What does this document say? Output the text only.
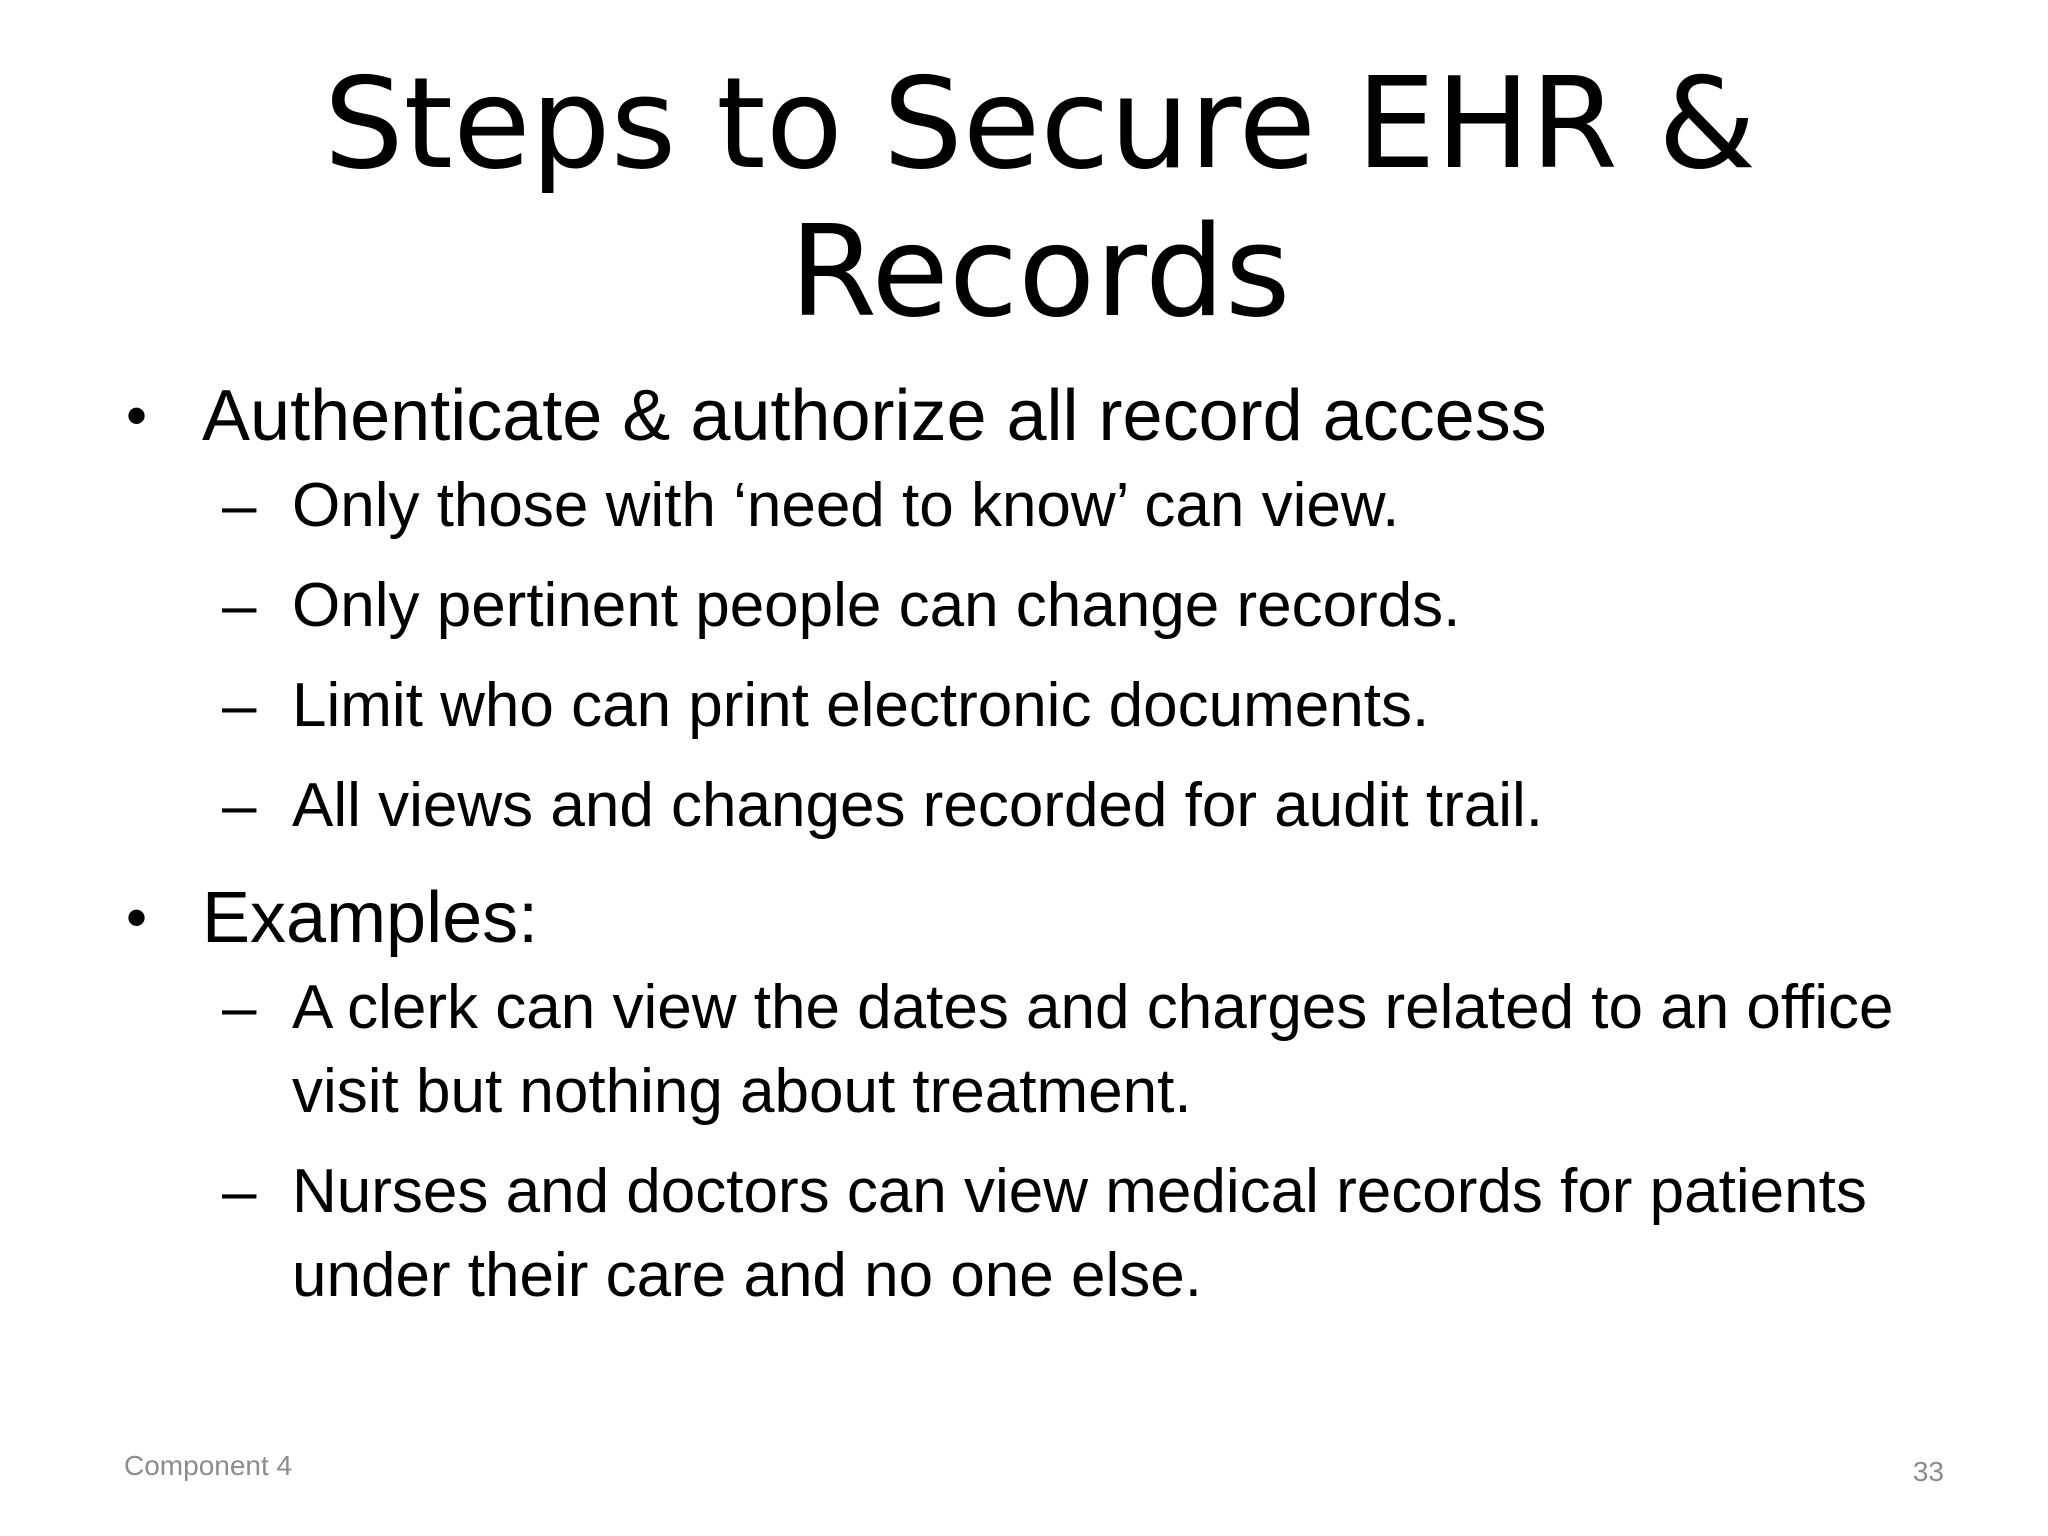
Steps to Secure EHR & Records
• Authenticate & authorize all record access
– Only those with ‘need to know’ can view.
– Only pertinent people can change records.
– Limit who can print electronic documents.
– All views and changes recorded for audit trail.
• Examples:
– A clerk can view the dates and charges related to an office visit but nothing about treatment.
– Nurses and doctors can view medical records for patients under their care and no one else.
Component 4	33
